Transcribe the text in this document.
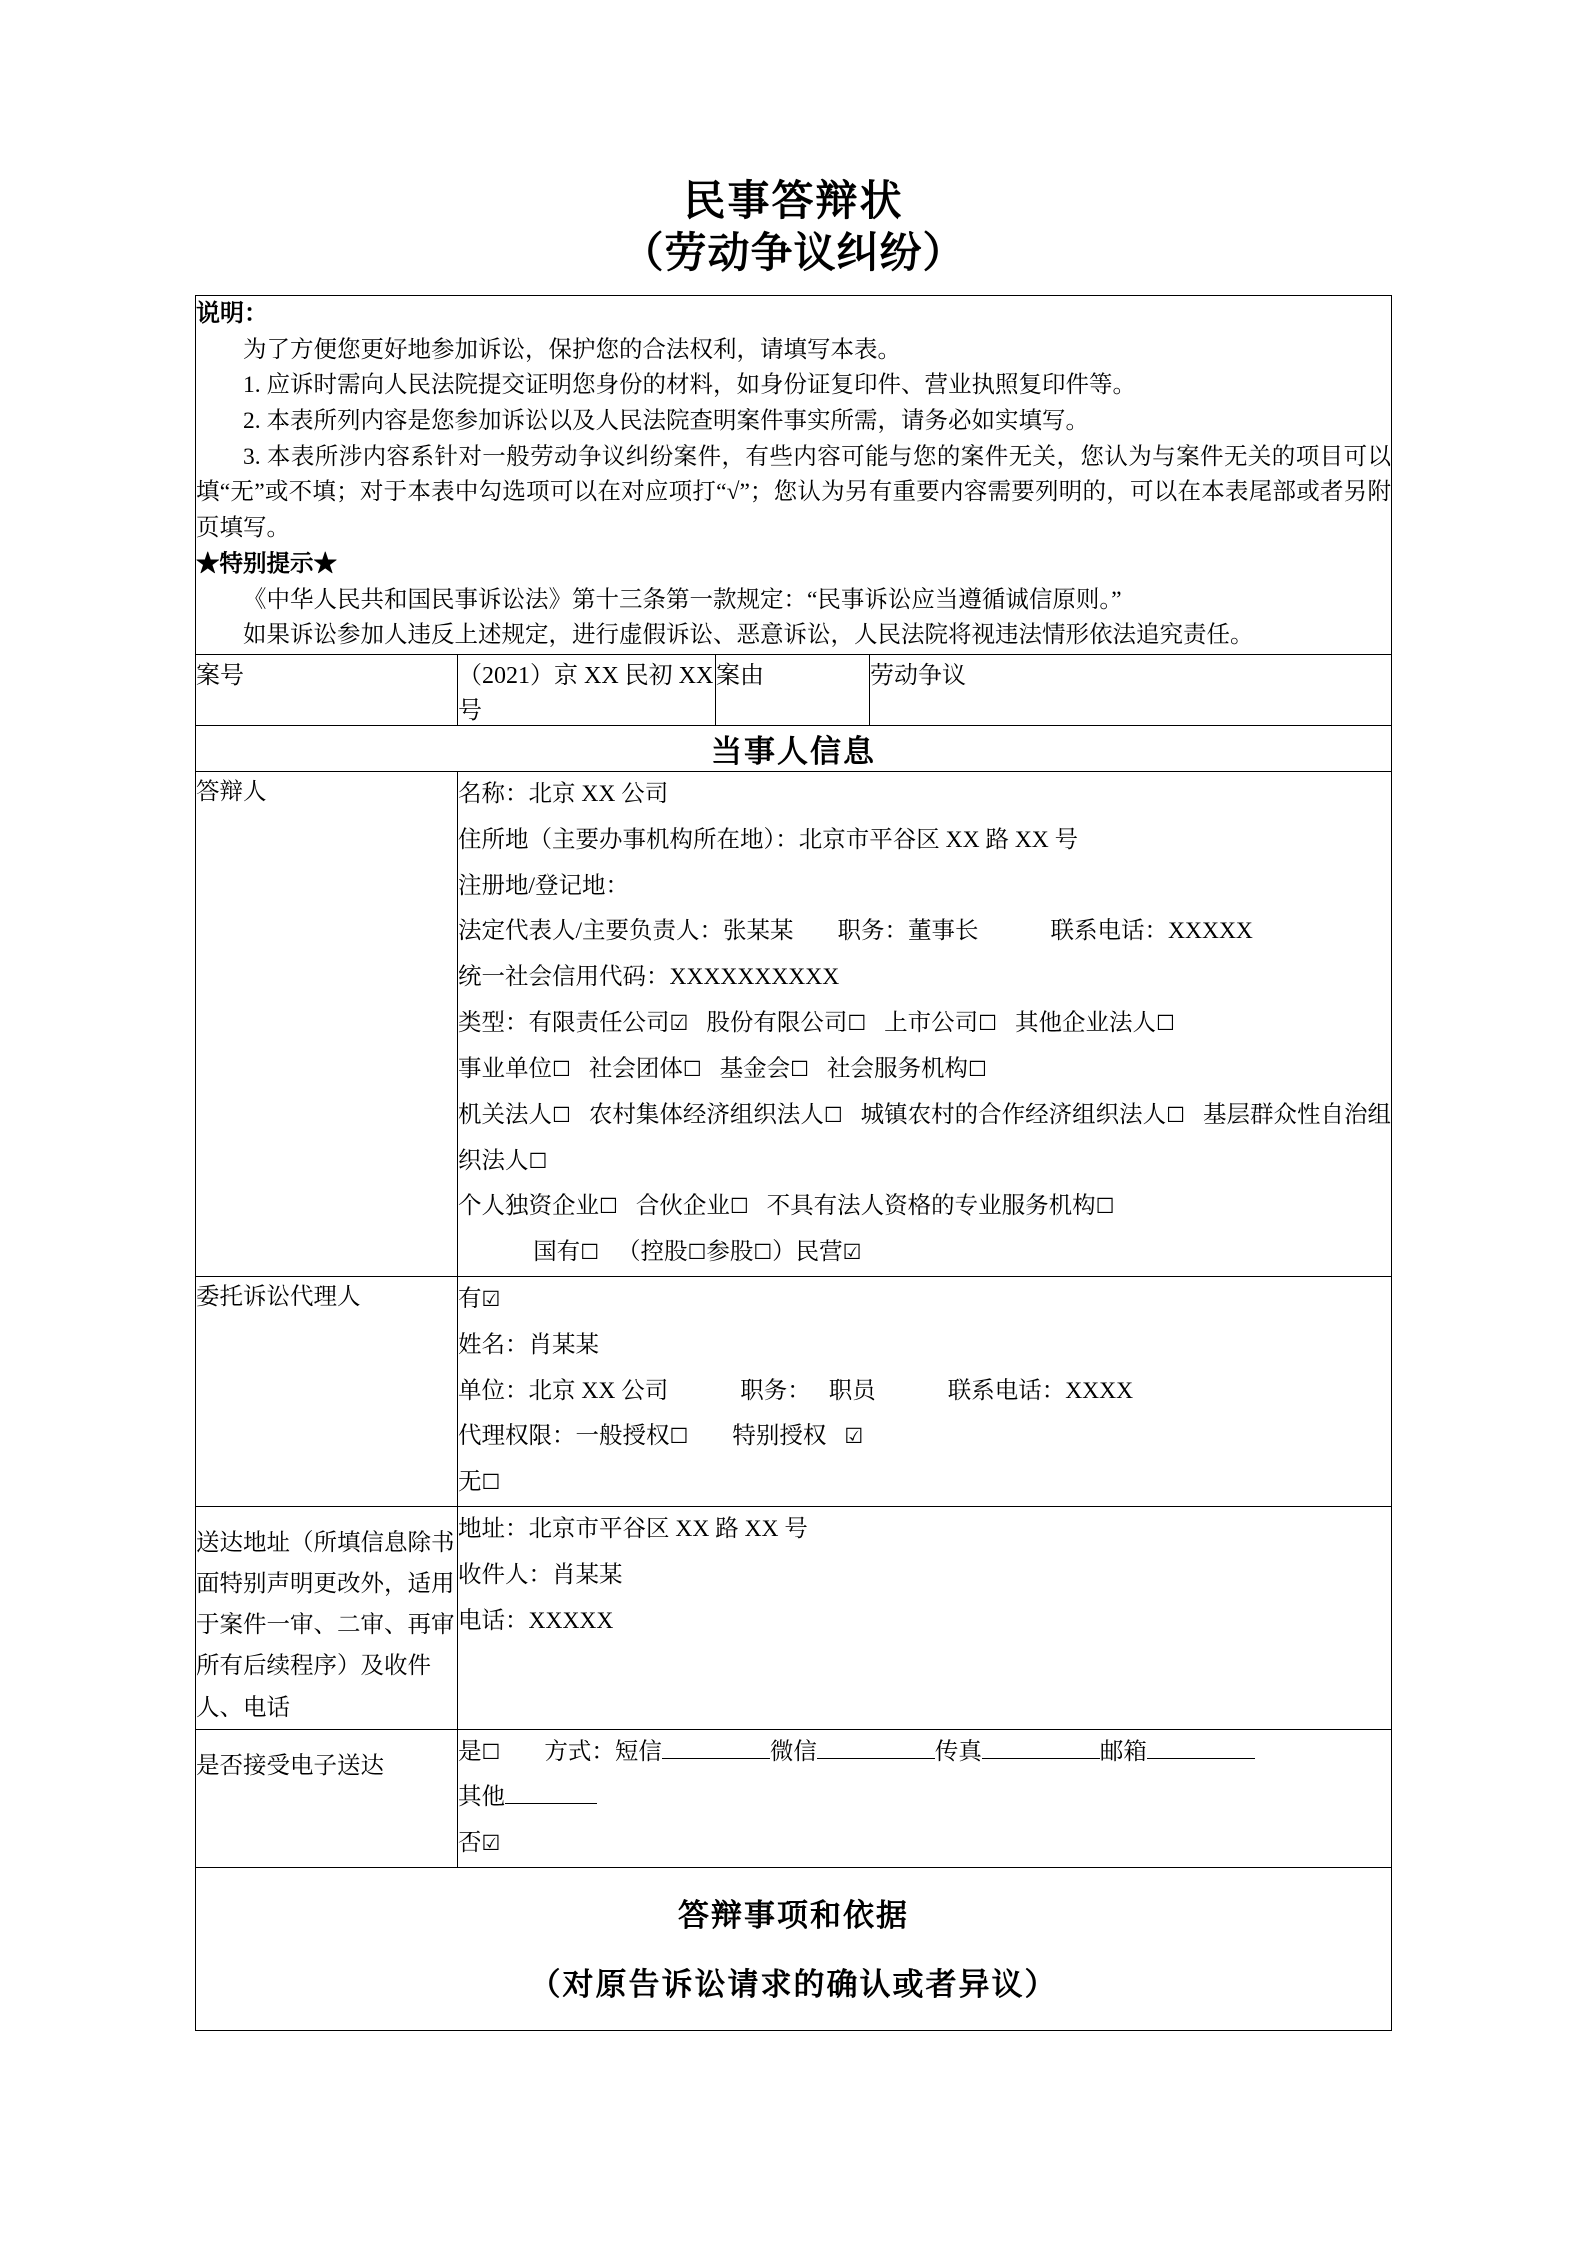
民事答辩状
（劳动争议纠纷）
说明：
为了方便您更好地参加诉讼，保护您的合法权利，请填写本表。
1. 应诉时需向人民法院提交证明您身份的材料，如身份证复印件、营业执照复印件等。
2. 本表所列内容是您参加诉讼以及人民法院查明案件事实所需，请务必如实填写。
3. 本表所涉内容系针对一般劳动争议纠纷案件，有些内容可能与您的案件无关，您认为与案件无关的项目可以填“无”或不填；对于本表中勾选项可以在对应项打“√”；您认为另有重要内容需要列明的，可以在本表尾部或者另附页填写。
★特别提示★
《中华人民共和国民事诉讼法》第十三条第一款规定：“民事诉讼应当遵循诚信原则。”
如果诉讼参加人违反上述规定，进行虚假诉讼、恶意诉讼，人民法院将视违法情形依法追究责任。

案号	（2021）京 XX 民初 XX 号	案由	劳动争议
当事人信息			
答辩人	名称：北京 XX 公司
住所地（主要办事机构所在地）：北京市平谷区 XX 路 XX 号
注册地/登记地：
法定代表人/主要负责人：张某某 职务：董事长	联系电话：XXXXX
统一社会信用代码：XXXXXXXXXX
类型：有限责任公司☑ 股份有限公司☐ 上市公司☐ 其他企业法人☐
事业单位☐ 社会团体☐ 基金会☐ 社会服务机构☐
机关法人☐ 农村集体经济组织法人☐ 城镇农村的合作经济组织法人☐ 基层群众性自治组织法人☐
个人独资企业☐ 合伙企业☐ 不具有法人资格的专业服务机构☐
国有☐ （控股☐参股☐）民营☑

委托诉讼代理人	有☑
姓名：肖某某
单位：北京 XX 公司 职务： 职员 联系电话：XXXX
代理权限：一般授权☐ 特别授权 ☑
无☐		

送达地址（所填信息除书面特别声明更改外，适用于案件一审、二审、再审所有后续程序）及收件人、电话	地址：北京市平谷区 XX 路 XX 号
收件人：肖某某
电话：XXXXX		

是否接受电子送达	是☐ 方式：短信 微信 传真 邮箱
其他
否☑		

答辩事项和依据
（对原告诉讼请求的确认或者异议）			
